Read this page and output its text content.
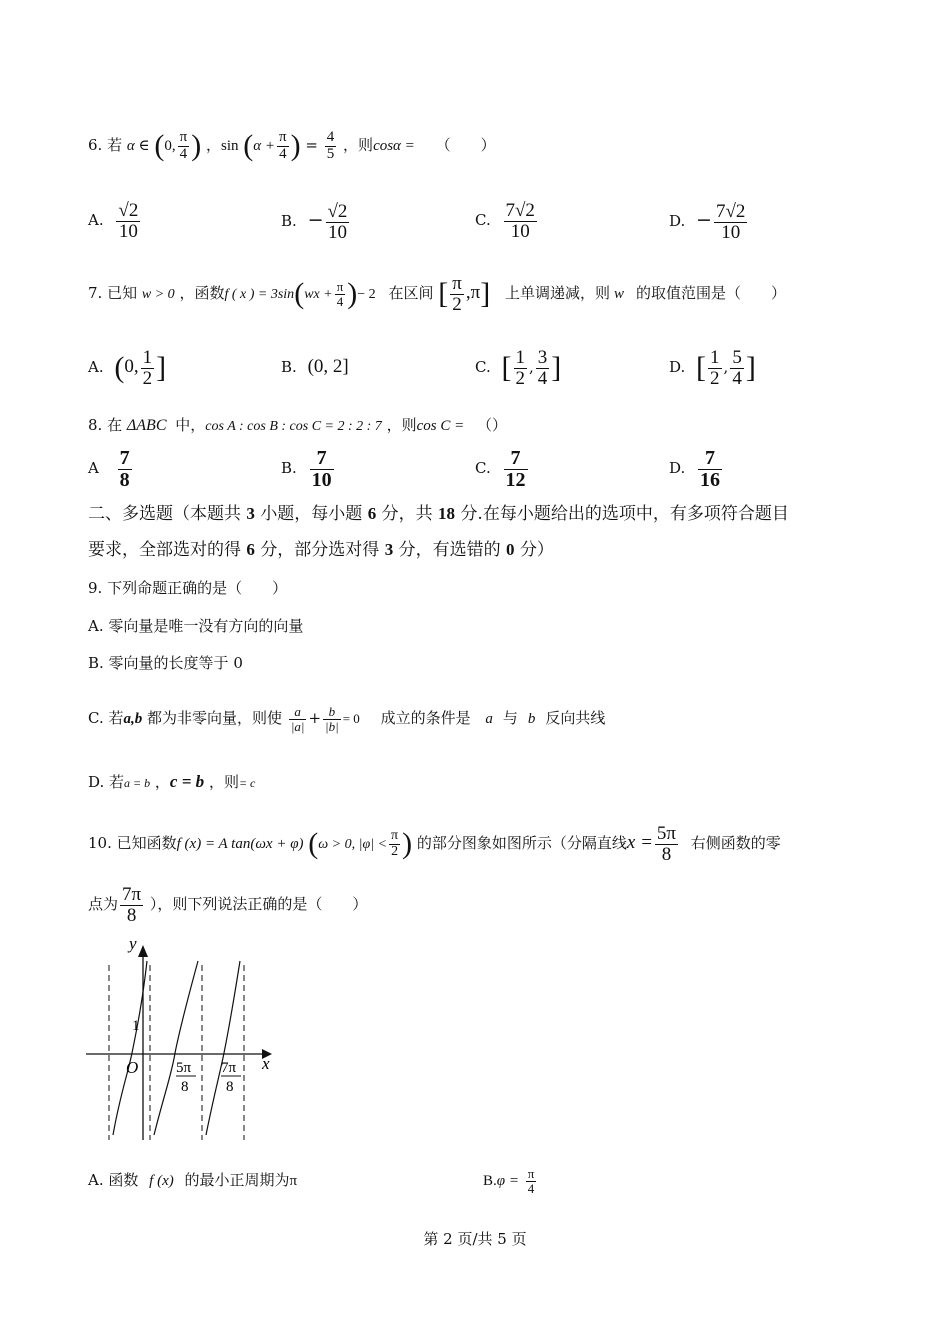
6. 若 α ∈ (0, $\frac{\pi}{4}$ ) ，$\sin (\alpha + \frac{\pi}{4}$ ) = $\frac{4}{5}$ ，则cosα = （　　）
A. $\frac{√2}{10}$	B. − $\frac{√2}{10}$	C. $\frac{7√2}{10}$	D. − $\frac{7√2}{10}$
7. 已知 w > 0 ，函数f ( x ) = $3\sin(wx + \frac{\pi}{4}$ )− 2 在区间 [ $\frac{\pi}{2} ,\pi$] 上单调递减，则 w 的取值范围是（　　）
A. (0, $\frac{1}{2}$ ]	B. (0, 2]	C. [ $\frac{1}{2}$ , $\frac{3}{4}$ ]	D. [ $\frac{1}{2}$ , $\frac{5}{4}$ ]
8. 在 ΔABC 中，cos A : cos B : cos C = 2 : 2 : 7 ，则cos C = （）
A $\frac{7}{8}$	B. $\frac{7}{10}$	C. $\frac{7}{12}$	D. $\frac{7}{16}$
二、多选题（本题共 3 小题，每小题 6 分，共 18 分.在每小题给出的选项中，有多项符合题目
要求，全部选对的得 6 分，部分选对得 3 分，有选错的 0 分）
9. 下列命题正确的是（　　）
A. 零向量是唯一没有方向的向量
B. 零向量的长度等于 0
C. 若a,b 都为非零向量，则使 $\frac{a}{|a|} + \frac{b}{|b|} = 0$ 成立的条件是 a 与 b 反向共线
D. 若a = b ，c = b ，则= c
10. 已知函数f (x) = A tan(ωx + φ) (ω > 0, $|\varphi| < \frac{\pi}{2}$ ) 的部分图象如图所示（分隔直线$x = \frac{5\pi}{8}$ 右侧函数的零
点为 $\frac{7\pi}{8}$ ），则下列说法正确的是（　　）
y
x
1
O	5π
8
7π
8
A. 函数 f (x) 的最小正周期为π	$B.\varphi = \frac{\pi}{4}$
第 2 页/共 5 页
